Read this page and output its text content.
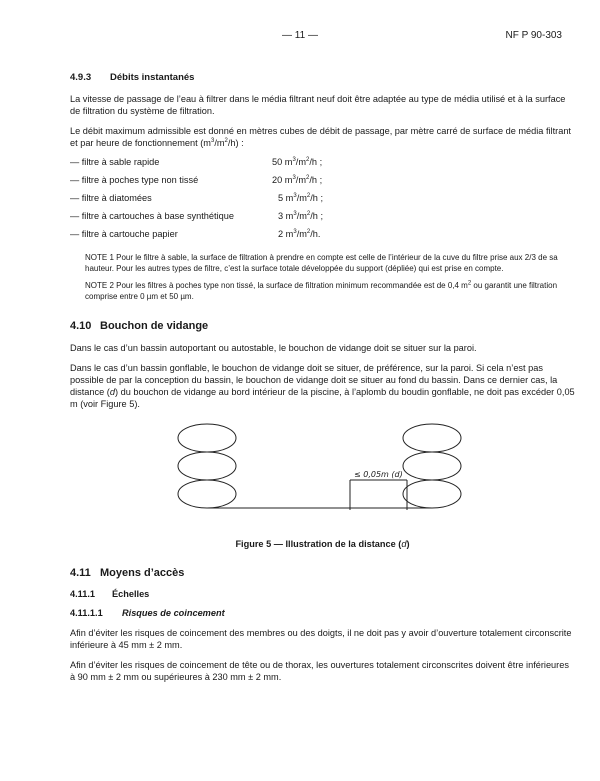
— 11 —	NF P 90-303
4.9.3 Débits instantanés

La vitesse de passage de l’eau à filtrer dans le média filtrant neuf doit être adaptée au type de média utilisé et à la surface de filtration du système de filtration.

Le débit maximum admissible est donné en mètres cubes de débit de passage, par mètre carré de surface de média filtrant et par heure de fonctionnement $(m^3/m^2/h)$ :

— filtre à sable rapide	50 $m^3/m^2/h$ ;
— filtre à poches type non tissé	20 $m^3/m^2/h$ ;
— filtre à diatomées	5 $m^3/m^2/h$ ;
— filtre à cartouches à base synthétique	3 $m^3/m^2/h$ ;
— filtre à cartouche papier	2 $m^3/m^2/h$.
NOTE 1 Pour le filtre à sable, la surface de filtration à prendre en compte est celle de l’intérieur de la cuve du filtre prise aux 2/3 de sa hauteur. Pour les autres types de filtre, c’est la surface totale développée du support (dépliée) qui est prise en compte.
NOTE 2 Pour les filtres à poches type non tissé, la surface de filtration minimum recommandée est de 0,4 $m^2$ ou garantit une filtration comprise entre 0 µm et 50 µm.
4.10 Bouchon de vidange

Dans le cas d’un bassin autoportant ou autostable, le bouchon de vidange doit se situer sur la paroi.

Dans le cas d’un bassin gonflable, le bouchon de vidange doit se situer, de préférence, sur la paroi. Si cela n’est pas possible de par la conception du bassin, le bouchon de vidange doit se situer au fond du bassin. Dans ce dernier cas, la distance (d) du bouchon de vidange au bord intérieur de la piscine, à l’aplomb du boudin gonflable, ne doit pas excéder 0,05 m (voir Figure 5).

≤ 0,05m (d)
Figure 5 — Illustration de la distance (d)
4.11 Moyens d’accès
4.11.1 Échelles
4.11.1.1 Risques de coincement

Afin d’éviter les risques de coincement des membres ou des doigts, il ne doit pas y avoir d’ouverture totalement circonscrite inférieure à 45 mm ± 2 mm.

Afin d’éviter les risques de coincement de tête ou de thorax, les ouvertures totalement circonscrites doivent être inférieures à 90 mm ± 2 mm ou supérieures à 230 mm ± 2 mm.
